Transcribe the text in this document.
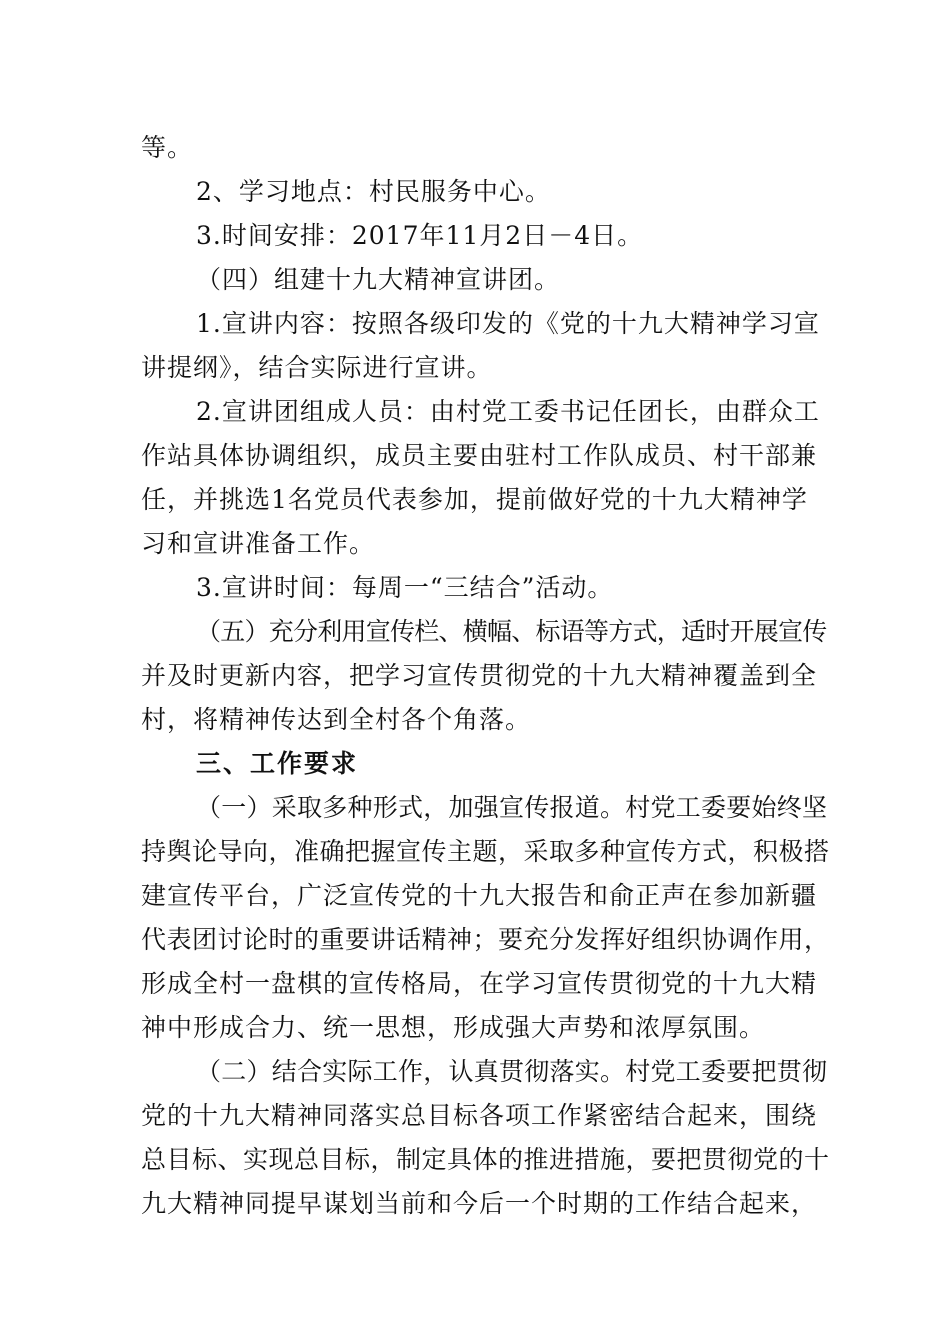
等。
2、学习地点：村民服务中心。
3.时间安排：2017年11月2日－4日。
（四）组建十九大精神宣讲团。
1.宣讲内容：按照各级印发的《党的十九大精神学习宣
讲提纲》，结合实际进行宣讲。
2.宣讲团组成人员：由村党工委书记任团长，由群众工
作站具体协调组织，成员主要由驻村工作队成员、村干部兼
任，并挑选1名党员代表参加，提前做好党的十九大精神学
习和宣讲准备工作。
3.宣讲时间：每周一“三结合”活动。
（五）充分利用宣传栏、横幅、标语等方式，适时开展宣传
并及时更新内容，把学习宣传贯彻党的十九大精神覆盖到全
村，将精神传达到全村各个角落。
三、工作要求
（一）采取多种形式，加强宣传报道。村党工委要始终坚
持舆论导向，准确把握宣传主题，采取多种宣传方式，积极搭
建宣传平台，广泛宣传党的十九大报告和俞正声在参加新疆
代表团讨论时的重要讲话精神；要充分发挥好组织协调作用，
形成全村一盘棋的宣传格局，在学习宣传贯彻党的十九大精
神中形成合力、统一思想，形成强大声势和浓厚氛围。
（二）结合实际工作，认真贯彻落实。村党工委要把贯彻
党的十九大精神同落实总目标各项工作紧密结合起来，围绕
总目标、实现总目标，制定具体的推进措施，要把贯彻党的十
九大精神同提早谋划当前和今后一个时期的工作结合起来，
